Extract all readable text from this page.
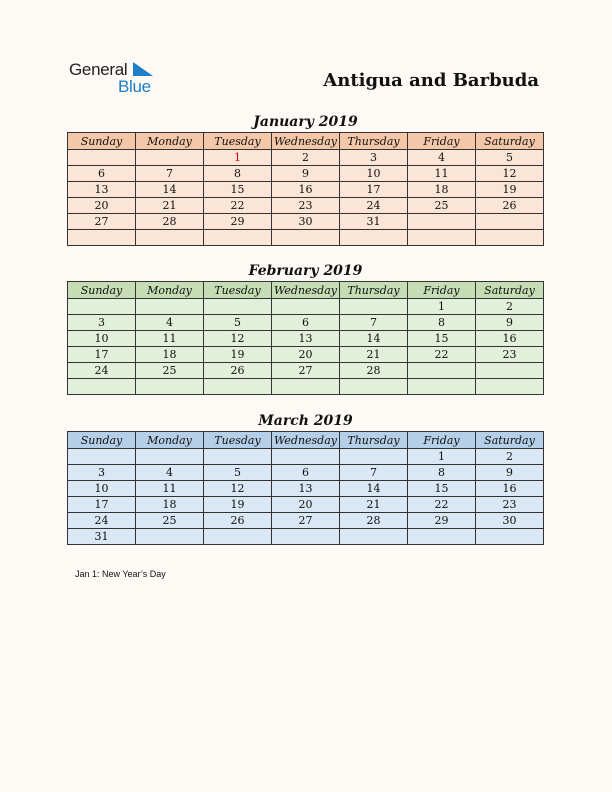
General
Blue	Antigua and Barbuda
January 2019
Sunday	Monday	Tuesday	Wednesday	Thursday	Friday	Saturday
		1	2	3	4	5
6	7	8	9	10	11	12
13	14	15	16	17	18	19
20	21	22	23	24	25	26
27	28	29	30	31		

February 2019
Sunday	Monday	Tuesday	Wednesday	Thursday	Friday	Saturday
					1	2
3	4	5	6	7	8	9
10	11	12	13	14	15	16
17	18	19	20	21	22	23
24	25	26	27	28		

March 2019
Sunday	Monday	Tuesday	Wednesday	Thursday	Friday	Saturday
					1	2
3	4	5	6	7	8	9
10	11	12	13	14	15	16
17	18	19	20	21	22	23
24	25	26	27	28	29	30
31						
Jan 1: New Year’s Day
